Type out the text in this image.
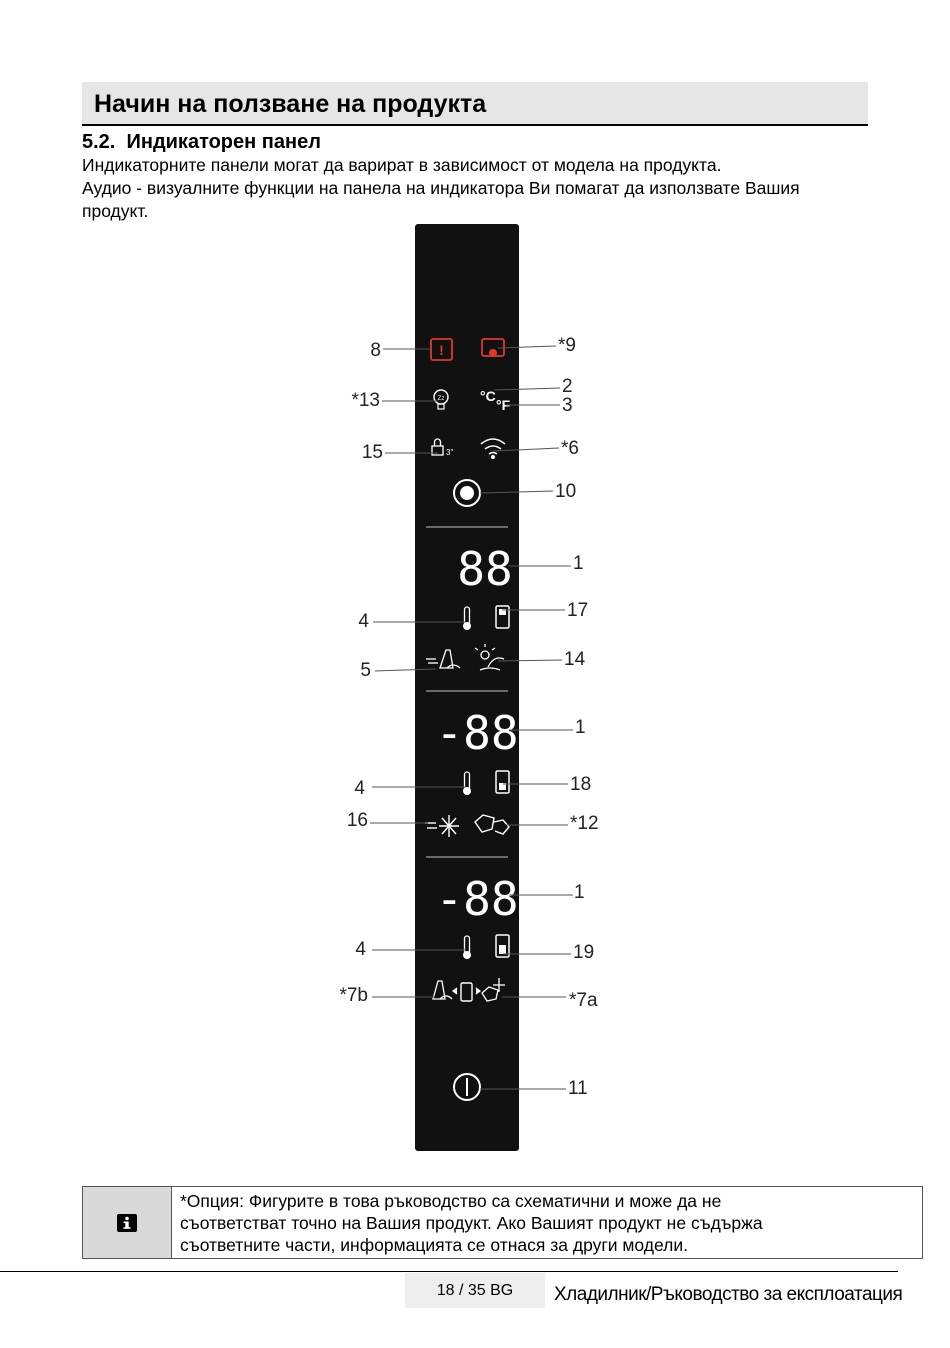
Начин на ползване на продукта
5.2. Индикаторен панел
Индикаторните панели могат да варират в зависимост от модела на продукта.
Аудио - визуалните функции на панела на индикатора Ви помагат да използвате Вашия
продукт.
!
Zz	°C
°F
3"
88
-88
-88
8
*13
15
4
5
4
16
4
*7b
*9
2
3
*6
10
1
17
14
1
18
*12
1
19
*7a
11
*Опция: Фигурите в това ръководство са схематични и може да не
съответстват точно на Вашия продукт. Ако Вашият продукт не съдържа
съответните части, информацията се отнася за други модели.
18 / 35 BG	Хладилник/Ръководство за експлоатация
